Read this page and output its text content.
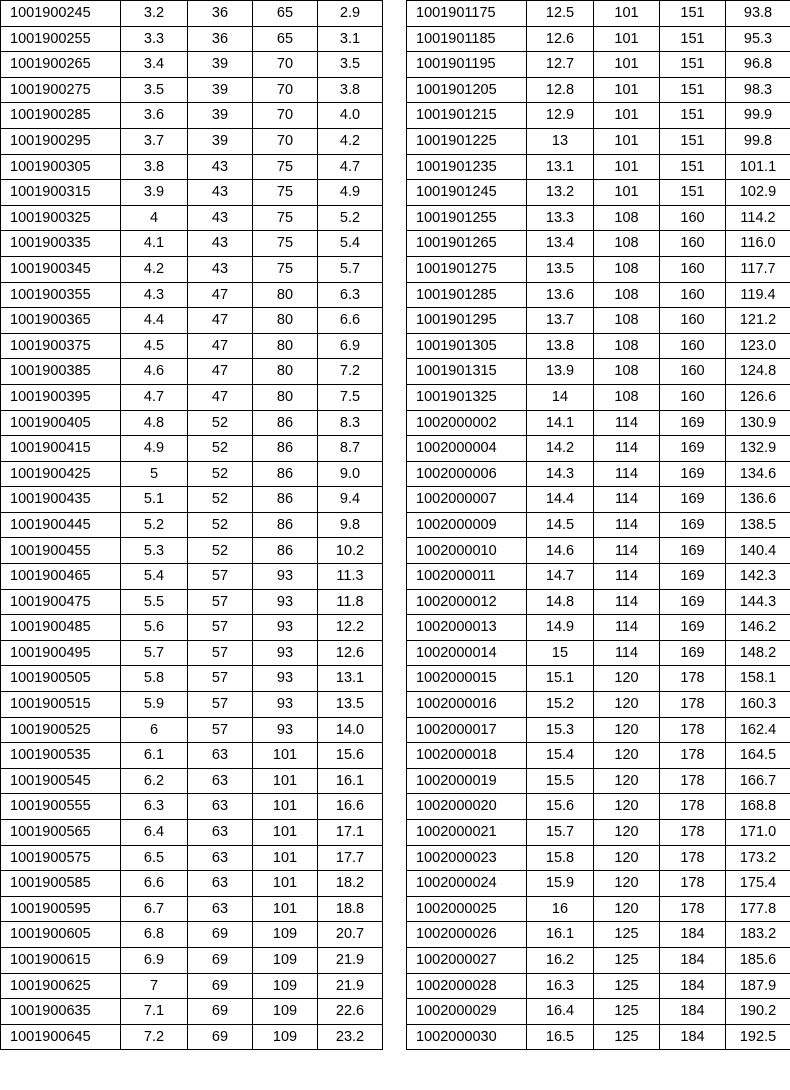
1001900245	3.2	36	65	2.9
1001900255	3.3	36	65	3.1
1001900265	3.4	39	70	3.5
1001900275	3.5	39	70	3.8
1001900285	3.6	39	70	4.0
1001900295	3.7	39	70	4.2
1001900305	3.8	43	75	4.7
1001900315	3.9	43	75	4.9
1001900325	4	43	75	5.2
1001900335	4.1	43	75	5.4
1001900345	4.2	43	75	5.7
1001900355	4.3	47	80	6.3
1001900365	4.4	47	80	6.6
1001900375	4.5	47	80	6.9
1001900385	4.6	47	80	7.2
1001900395	4.7	47	80	7.5
1001900405	4.8	52	86	8.3
1001900415	4.9	52	86	8.7
1001900425	5	52	86	9.0
1001900435	5.1	52	86	9.4
1001900445	5.2	52	86	9.8
1001900455	5.3	52	86	10.2
1001900465	5.4	57	93	11.3
1001900475	5.5	57	93	11.8
1001900485	5.6	57	93	12.2
1001900495	5.7	57	93	12.6
1001900505	5.8	57	93	13.1
1001900515	5.9	57	93	13.5
1001900525	6	57	93	14.0
1001900535	6.1	63	101	15.6
1001900545	6.2	63	101	16.1
1001900555	6.3	63	101	16.6
1001900565	6.4	63	101	17.1
1001900575	6.5	63	101	17.7
1001900585	6.6	63	101	18.2
1001900595	6.7	63	101	18.8
1001900605	6.8	69	109	20.7
1001900615	6.9	69	109	21.9
1001900625	7	69	109	21.9
1001900635	7.1	69	109	22.6
1001900645	7.2	69	109	23.2
1001901175	12.5	101	151	93.8
1001901185	12.6	101	151	95.3
1001901195	12.7	101	151	96.8
1001901205	12.8	101	151	98.3
1001901215	12.9	101	151	99.9
1001901225	13	101	151	99.8
1001901235	13.1	101	151	101.1
1001901245	13.2	101	151	102.9
1001901255	13.3	108	160	114.2
1001901265	13.4	108	160	116.0
1001901275	13.5	108	160	117.7
1001901285	13.6	108	160	119.4
1001901295	13.7	108	160	121.2
1001901305	13.8	108	160	123.0
1001901315	13.9	108	160	124.8
1001901325	14	108	160	126.6
1002000002	14.1	114	169	130.9
1002000004	14.2	114	169	132.9
1002000006	14.3	114	169	134.6
1002000007	14.4	114	169	136.6
1002000009	14.5	114	169	138.5
1002000010	14.6	114	169	140.4
1002000011	14.7	114	169	142.3
1002000012	14.8	114	169	144.3
1002000013	14.9	114	169	146.2
1002000014	15	114	169	148.2
1002000015	15.1	120	178	158.1
1002000016	15.2	120	178	160.3
1002000017	15.3	120	178	162.4
1002000018	15.4	120	178	164.5
1002000019	15.5	120	178	166.7
1002000020	15.6	120	178	168.8
1002000021	15.7	120	178	171.0
1002000023	15.8	120	178	173.2
1002000024	15.9	120	178	175.4
1002000025	16	120	178	177.8
1002000026	16.1	125	184	183.2
1002000027	16.2	125	184	185.6
1002000028	16.3	125	184	187.9
1002000029	16.4	125	184	190.2
1002000030	16.5	125	184	192.5
